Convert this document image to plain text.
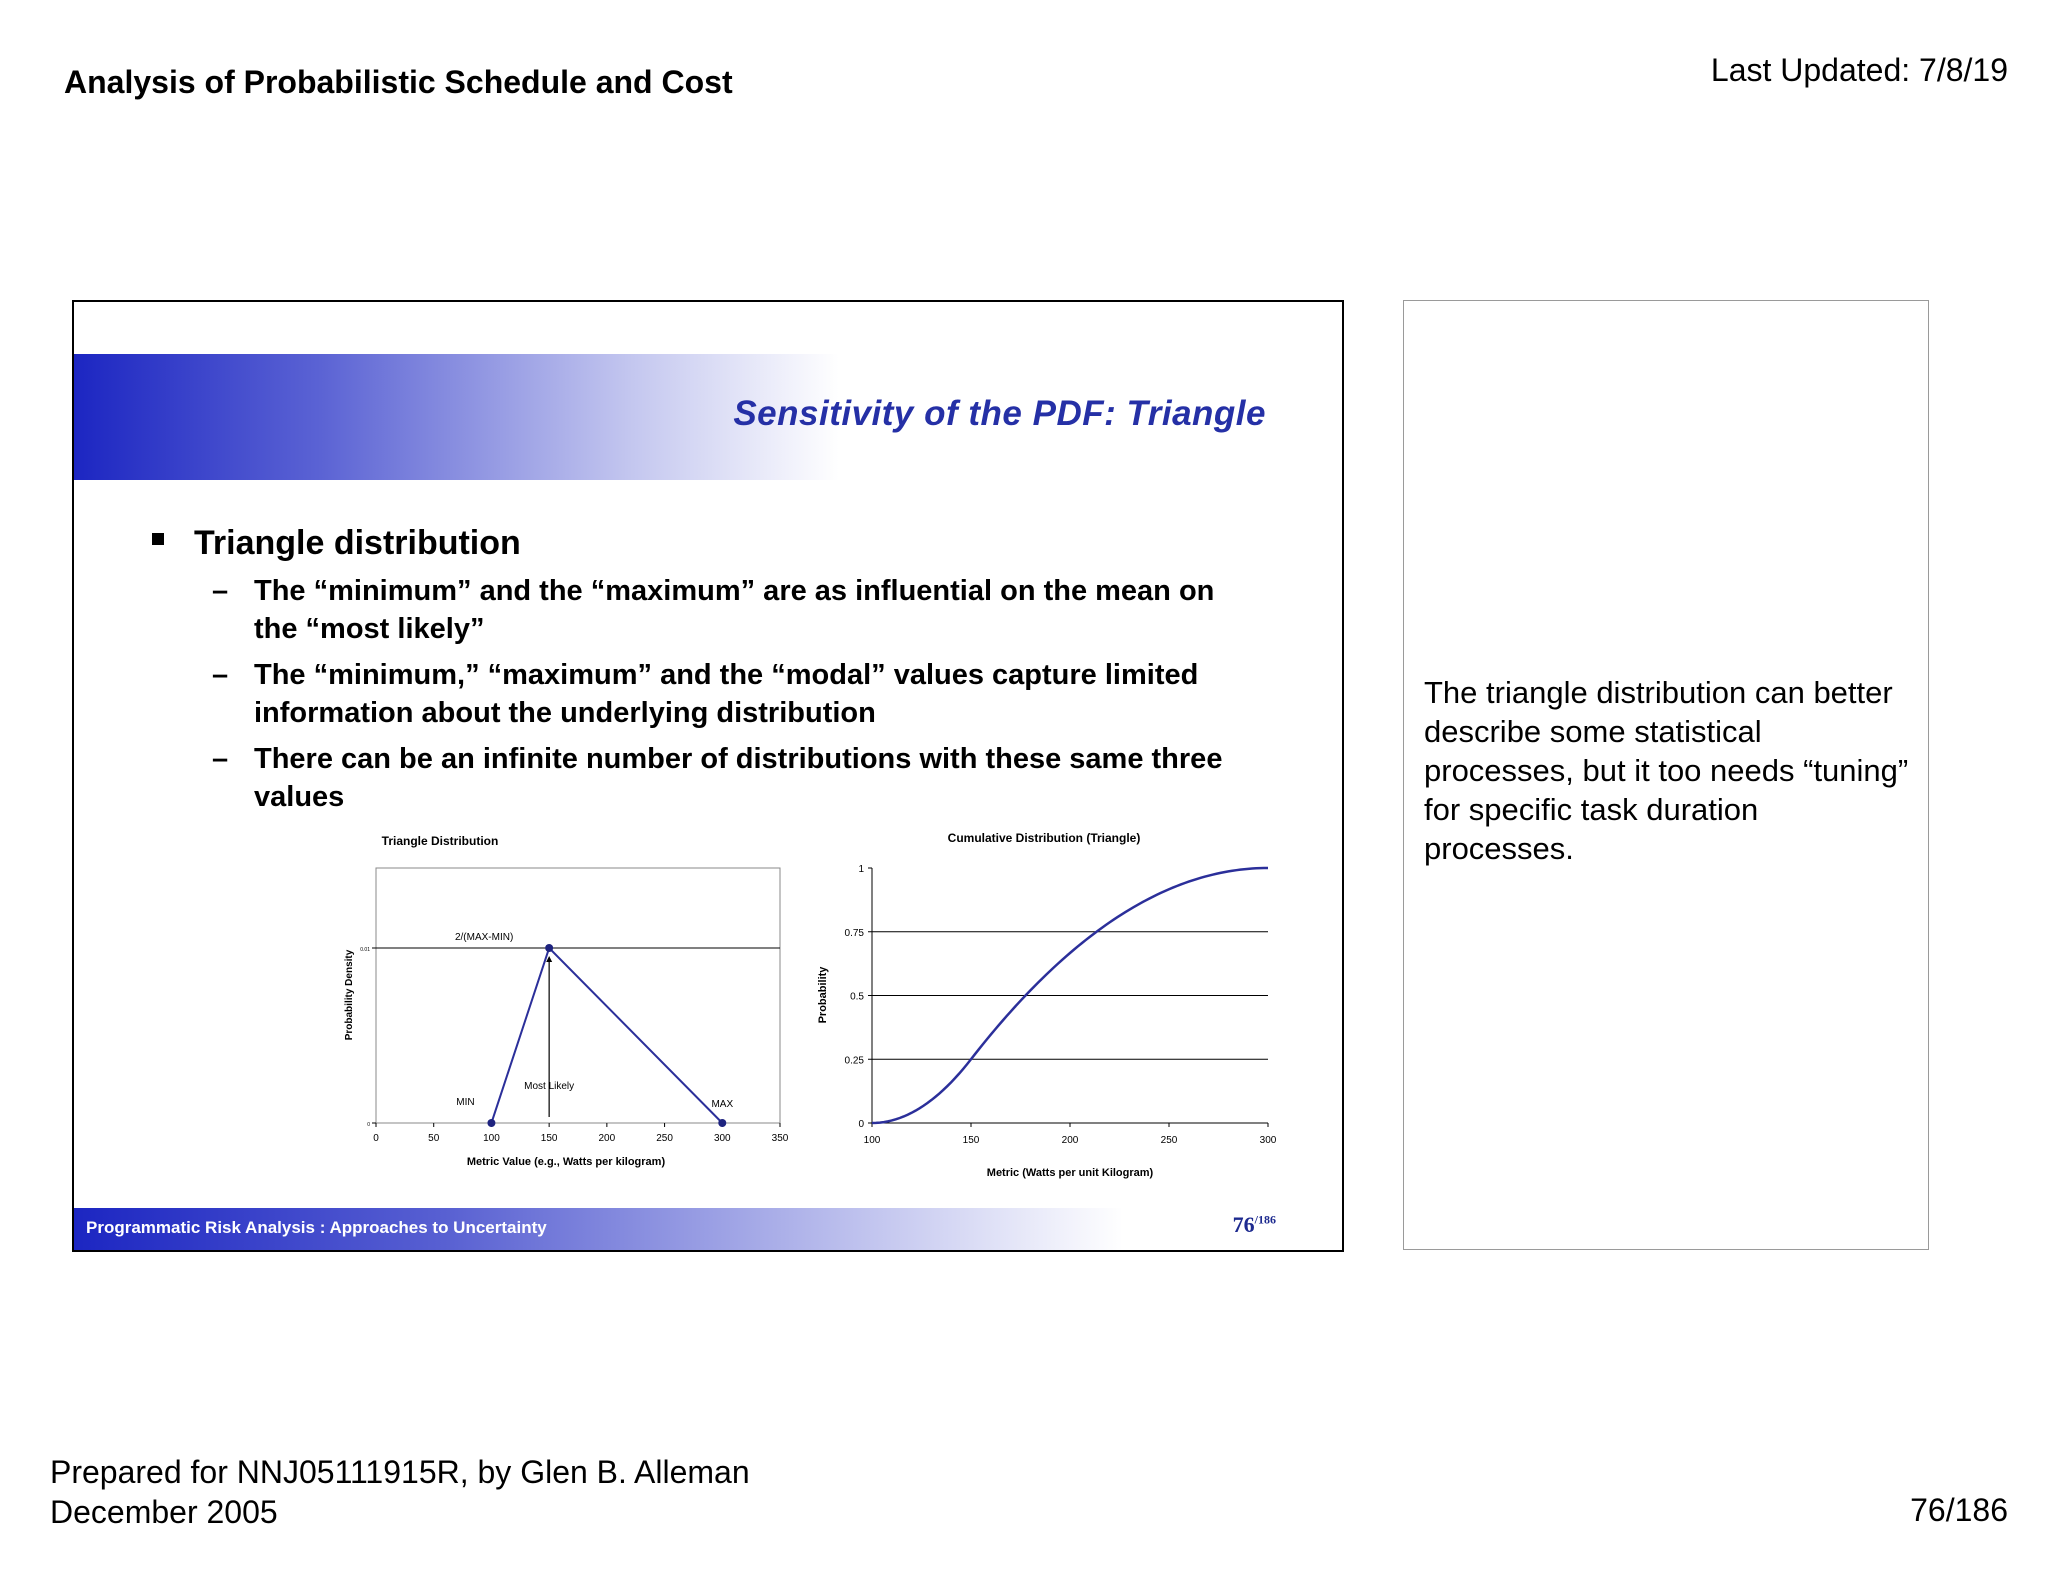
Analysis of Probabilistic Schedule and Cost	Last Updated: 7/8/19
Sensitivity of the PDF: Triangle
Triangle distribution
– The “minimum” and the “maximum” are as influential on the mean on the “most likely”
– The “minimum,” “maximum” and the “modal” values capture limited information about the underlying distribution
– There can be an infinite number of distributions with these same three values
Triangle Distribution
0	50	100	150	200	250	300	350
0
0.01
2/(MAX-MIN)
MIN
Most Likely
MAX
Metric Value (e.g., Watts per kilogram)
Probability Density
Cumulative Distribution (Triangle)
0
0.25
0.5
0.75
1
100	150	200	250	300
Metric (Watts per unit Kilogram)
Probability
Programmatic Risk Analysis : Approaches to Uncertainty	$76^{/186}$
The triangle distribution can better describe some statistical processes, but it too needs “tuning” for specific task duration processes.
Prepared for NNJ05111915R, by Glen B. Alleman
December 2005	76/186
